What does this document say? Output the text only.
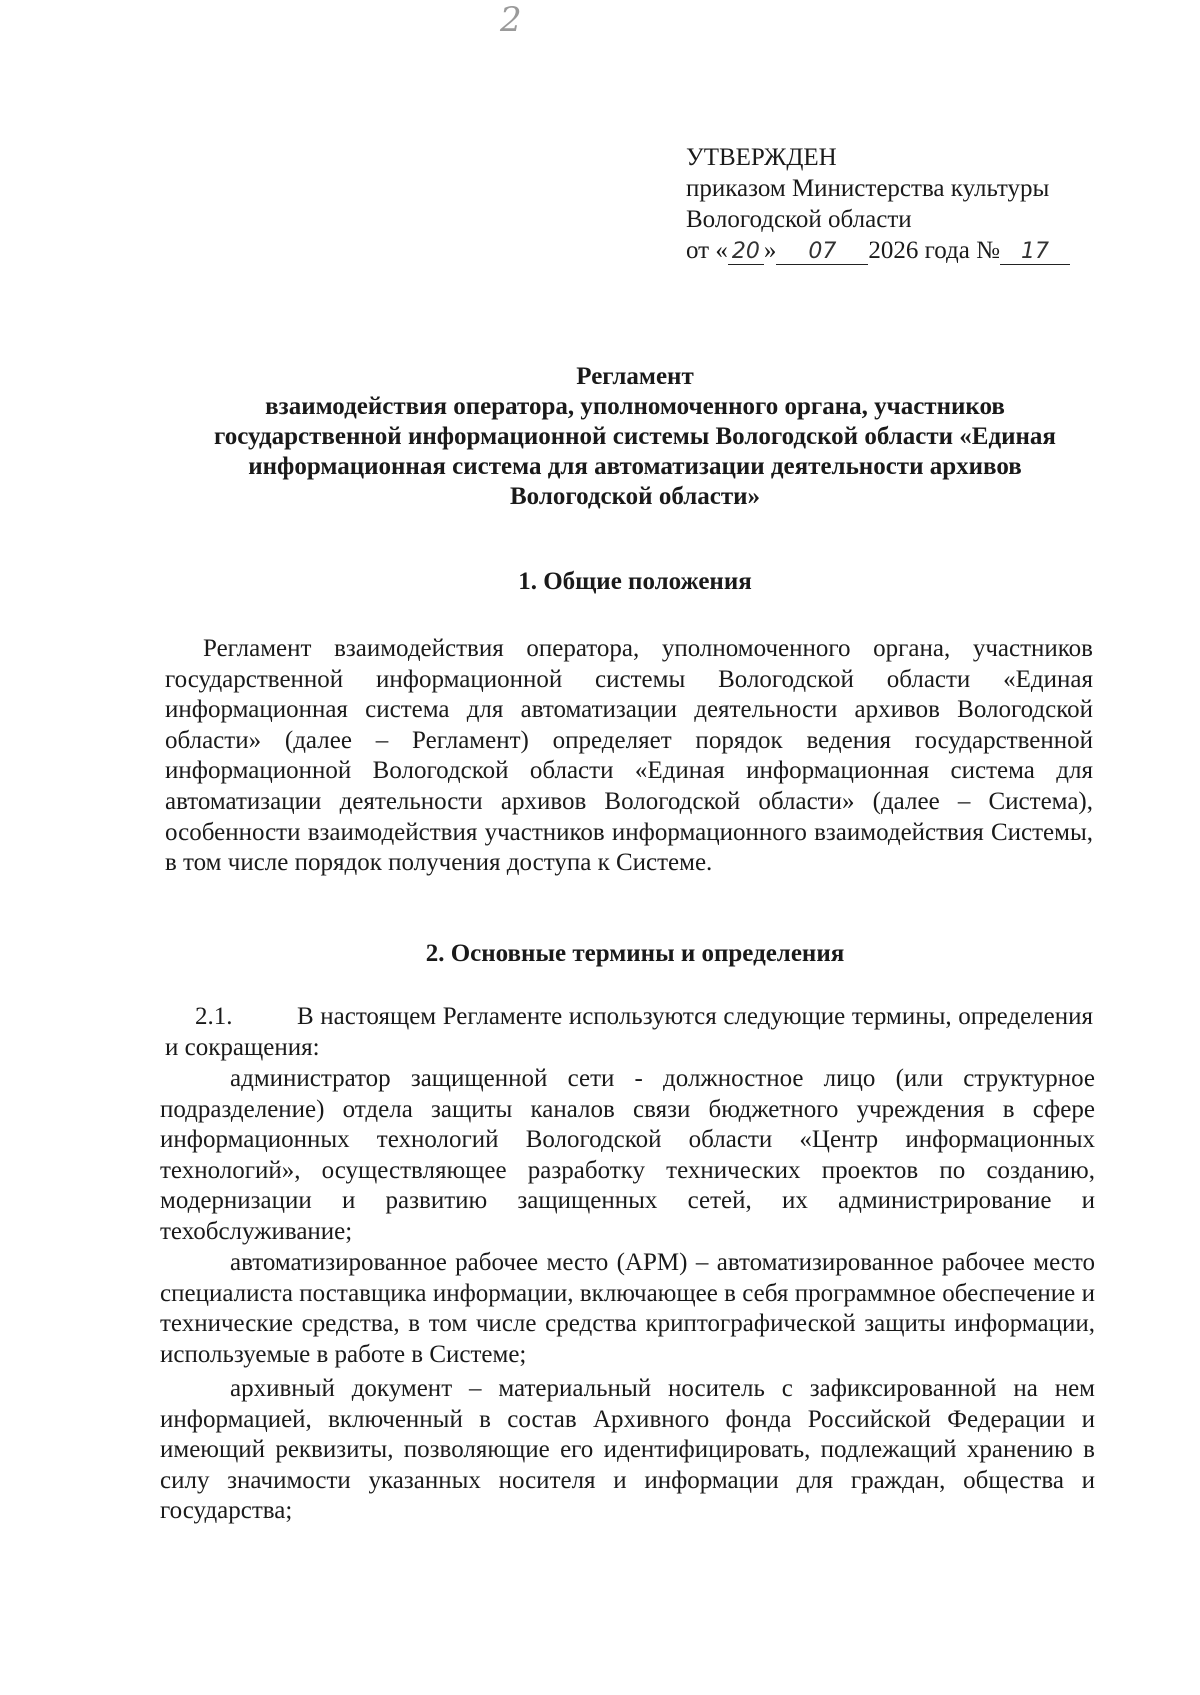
2
УТВЕРЖДЕН
приказом Министерства культуры
Вологодской области
от « 20 » 07 2026 года № 17
Регламент
взаимодействия оператора, уполномоченного органа, участников
государственной информационной системы Вологодской области «Единая
информационная система для автоматизации деятельности архивов
Вологодской области»
1. Общие положения
Регламент взаимодействия оператора, уполномоченного органа, участников государственной информационной системы Вологодской области «Единая информационная система для автоматизации деятельности архивов Вологодской области» (далее – Регламент) определяет порядок ведения государственной информационной Вологодской области «Единая информационная система для автоматизации деятельности архивов Вологодской области» (далее – Система), особенности взаимодействия участников информационного взаимодействия Системы, в том числе порядок получения доступа к Системе.
2. Основные термины и определения
2.1.	В настоящем Регламенте используются следующие термины, определения и сокращения:
администратор защищенной сети - должностное лицо (или структурное подразделение) отдела защиты каналов связи бюджетного учреждения в сфере информационных технологий Вологодской области «Центр информационных технологий», осуществляющее разработку технических проектов по созданию, модернизации и развитию защищенных сетей, их администрирование и техобслуживание;
автоматизированное рабочее место (АРМ) – автоматизированное рабочее место специалиста поставщика информации, включающее в себя программное обеспечение и технические средства, в том числе средства криптографической защиты информации, используемые в работе в Системе;
архивный документ – материальный носитель с зафиксированной на нем информацией, включенный в состав Архивного фонда Российской Федерации и имеющий реквизиты, позволяющие его идентифицировать, подлежащий хранению в силу значимости указанных носителя и информации для граждан, общества и государства;
